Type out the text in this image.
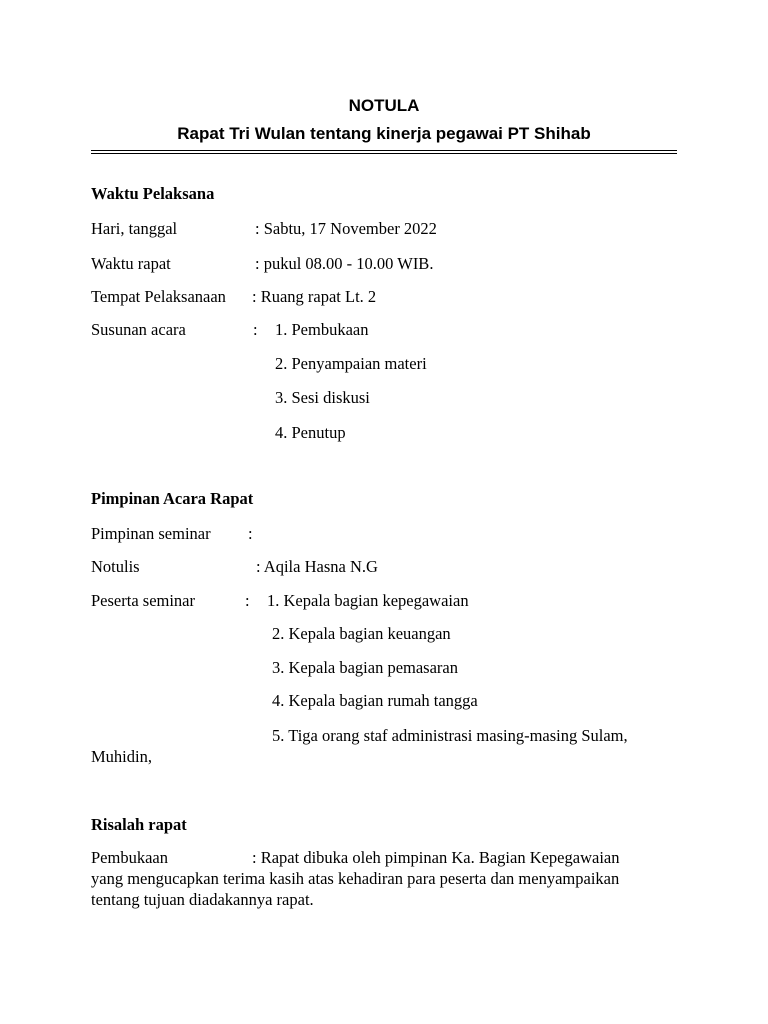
NOTULA
Rapat Tri Wulan tentang kinerja pegawai PT Shihab
Waktu Pelaksana
Hari, tanggal	: Sabtu, 17 November 2022
Waktu rapat	: pukul 08.00 - 10.00 WIB.
Tempat Pelaksanaan : Ruang rapat Lt. 2
Susunan acara	: 1. Pembukaan
2. Penyampaian materi
3. Sesi diskusi
4. Penutup
Pimpinan Acara Rapat
Pimpinan seminar :
Notulis	: Aqila Hasna N.G
Peserta seminar	: 1. Kepala bagian kepegawaian
2. Kepala bagian keuangan
3. Kepala bagian pemasaran
4. Kepala bagian rumah tangga
5. Tiga orang staf administrasi masing-masing Sulam,
Muhidin,
Risalah rapat
Pembukaan	: Rapat dibuka oleh pimpinan Ka. Bagian Kepegawaian
yang mengucapkan terima kasih atas kehadiran para peserta dan menyampaikan
tentang tujuan diadakannya rapat.
